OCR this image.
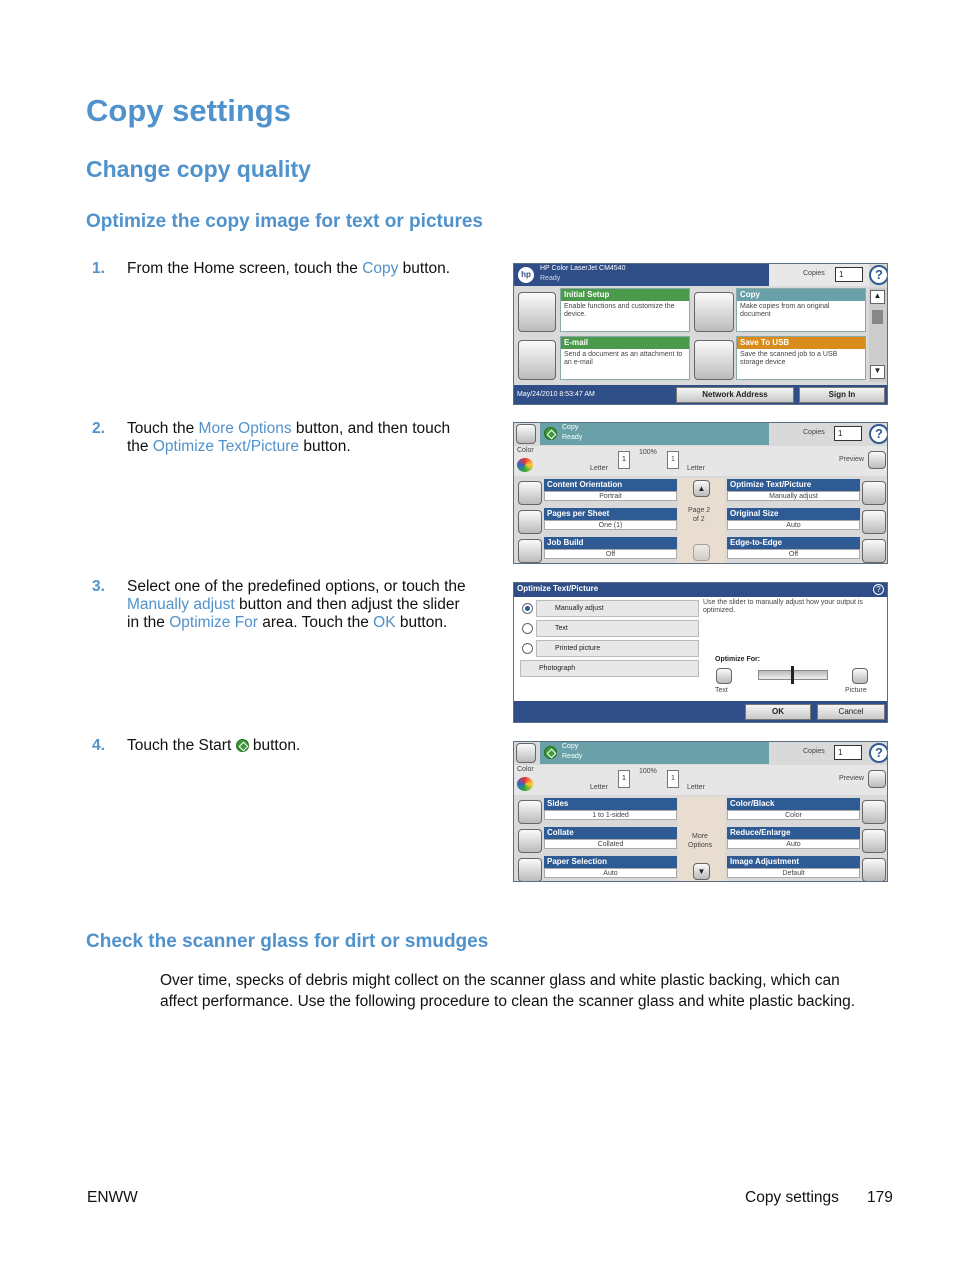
Copy settings
Change copy quality
Optimize the copy image for text or pictures
1. From the Home screen, touch the Copy button.	hp
HP Color LaserJet CM4540
Ready
Copies	1	?
Initial Setup
Enable functions and customize the device.
Copy
Make copies from an original document
E-mail
Send a document as an attachment to an e-mail
Save To USB
Save the scanned job to a USB storage device
▲
▼
May/24/2010 8:53:47 AM	Network Address	Sign In
2. Touch the More Options button, and then touch the Optimize Text/Picture button.
Copy
Ready
Copies	1	?
Color
Letter
1
100%
1
Letter
Preview
Content Orientation
Portrait
Pages per Sheet
One (1)
Job Build
Off
▲
Page 2
of 2
Optimize Text/Picture
Manually adjust
Original Size
Auto
Edge-to-Edge
Off
3. Select one of the predefined options, or touch the Manually adjust button and then adjust the slider in the Optimize For area. Touch the OK button.
Optimize Text/Picture	?
Manually adjust
Text
Printed picture
Photograph
Use the slider to manually adjust how your output is optimized.
Optimize For:
Text	Picture
OK	Cancel
4. Touch the Start  button.	Copy
Ready
Copies	1	?
Color
Letter
1
100%
1
Letter
Preview
Sides
1 to 1-sided
Collate
Collated
Paper Selection
Auto
More
Options
▼
Color/Black
Color
Reduce/Enlarge
Auto
Image Adjustment
Default
Check the scanner glass for dirt or smudges
Over time, specks of debris might collect on the scanner glass and white plastic backing, which can affect performance. Use the following procedure to clean the scanner glass and white plastic backing.
ENWW	Copy settings 179
